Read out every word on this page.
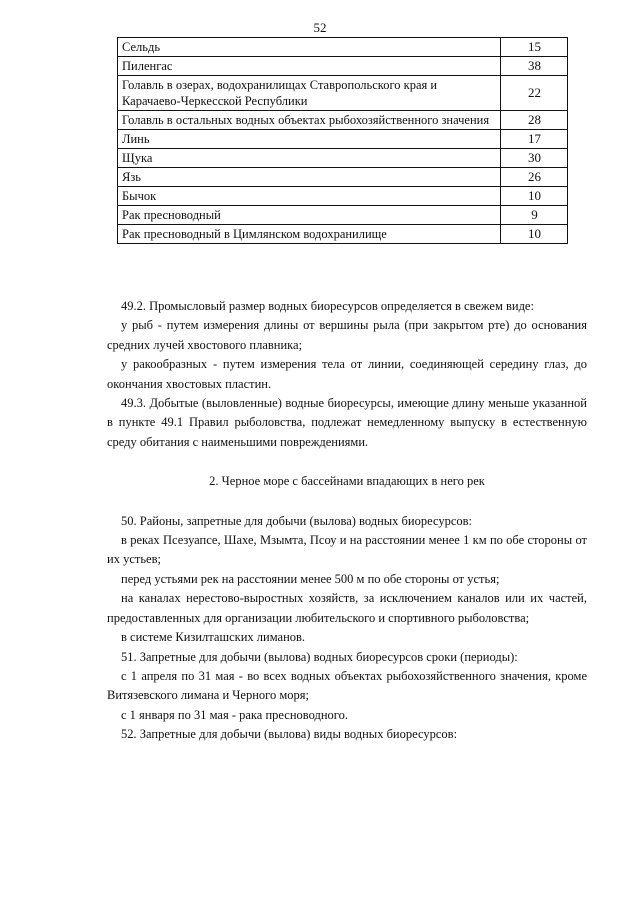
52
Сельдь	15
Пиленгас	38
Голавль в озерах, водохранилищах Ставропольского края и Карачаево-Черкесской Республики	22
Голавль в остальных водных объектах рыбохозяйственного значения	28
Линь	17
Щука	30
Язь	26
Бычок	10
Рак пресноводный	9
Рак пресноводный в Цимлянском водохранилище	10

49.2. Промысловый размер водных биоресурсов определяется в свежем виде:

у рыб - путем измерения длины от вершины рыла (при закрытом рте) до основания средних лучей хвостового плавника;

у ракообразных - путем измерения тела от линии, соединяющей середину глаз, до окончания хвостовых пластин.

49.3. Добытые (выловленные) водные биоресурсы, имеющие длину меньше указанной в пункте 49.1 Правил рыболовства, подлежат немедленному выпуску в естественную среду обитания с наименьшими повреждениями.

2. Черное море с бассейнами впадающих в него рек

50. Районы, запретные для добычи (вылова) водных биоресурсов:

в реках Псезуапсе, Шахе, Мзымта, Псоу и на расстоянии менее 1 км по обе стороны от их устьев;

перед устьями рек на расстоянии менее 500 м по обе стороны от устья;

на каналах нерестово-выростных хозяйств, за исключением каналов или их частей, предоставленных для организации любительского и спортивного рыболовства;

в системе Кизилташских лиманов.

51. Запретные для добычи (вылова) водных биоресурсов сроки (периоды):

с 1 апреля по 31 мая - во всех водных объектах рыбохозяйственного значения, кроме Витязевского лимана и Черного моря;

с 1 января по 31 мая - рака пресноводного.

52. Запретные для добычи (вылова) виды водных биоресурсов:
